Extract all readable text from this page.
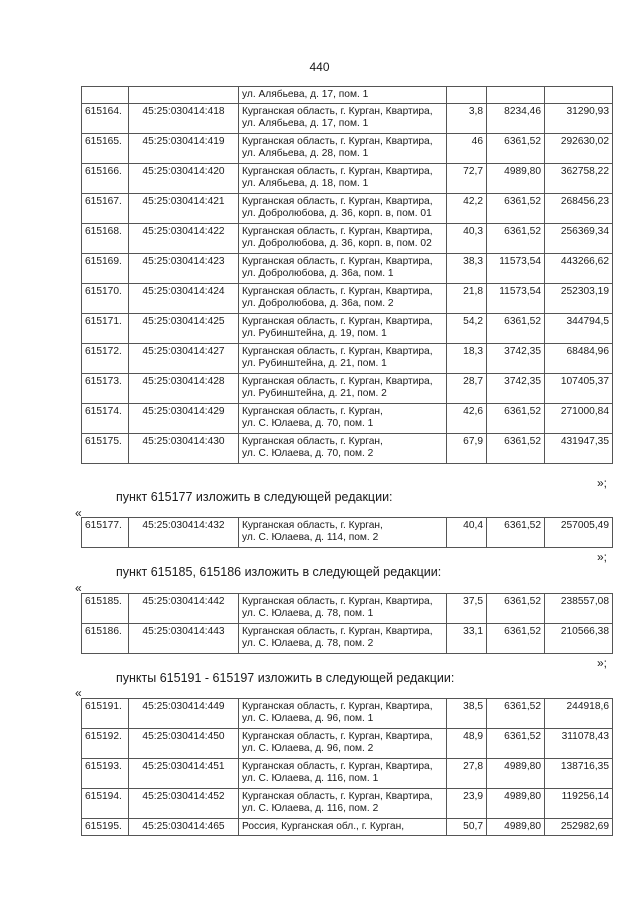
440

		ул. Алябьева, д. 17, пом. 1			

615164.	45:25:030414:418	Курганская область, г. Курган, Квартира,
ул. Алябьева, д. 17, пом. 1	3,8	8234,46	31290,93
615165.	45:25:030414:419	Курганская область, г. Курган, Квартира,
ул. Алябьева, д. 28, пом. 1	46	6361,52	292630,02
615166.	45:25:030414:420	Курганская область, г. Курган, Квартира,
ул. Алябьева, д. 18, пом. 1	72,7	4989,80	362758,22
615167.	45:25:030414:421	Курганская область, г. Курган, Квартира,
ул. Добролюбова, д. 36, корп. в, пом. 01	42,2	6361,52	268456,23
615168.	45:25:030414:422	Курганская область, г. Курган, Квартира,
ул. Добролюбова, д. 36, корп. в, пом. 02	40,3	6361,52	256369,34
615169.	45:25:030414:423	Курганская область, г. Курган, Квартира,
ул. Добролюбова, д. 36а, пом. 1	38,3	11573,54	443266,62
615170.	45:25:030414:424	Курганская область, г. Курган, Квартира,
ул. Добролюбова, д. 36а, пом. 2	21,8	11573,54	252303,19
615171.	45:25:030414:425	Курганская область, г. Курган, Квартира,
ул. Рубинштейна, д. 19, пом. 1	54,2	6361,52	344794,5
615172.	45:25:030414:427	Курганская область, г. Курган, Квартира,
ул. Рубинштейна, д. 21, пом. 1	18,3	3742,35	68484,96
615173.	45:25:030414:428	Курганская область, г. Курган, Квартира,
ул. Рубинштейна, д. 21, пом. 2	28,7	3742,35	107405,37
615174.	45:25:030414:429	Курганская область, г. Курган,
ул. С. Юлаева, д. 70, пом. 1	42,6	6361,52	271000,84
615175.	45:25:030414:430	Курганская область, г. Курган,
ул. С. Юлаева, д. 70, пом. 2	67,9	6361,52	431947,35
»;
пункт 615177 изложить в следующей редакции:
«
615177.	45:25:030414:432	Курганская область, г. Курган,
ул. С. Юлаева, д. 114, пом. 2
	40,4	6361,52	257005,49
»;
пункт 615185, 615186 изложить в следующей редакции:
«
615185.	45:25:030414:442	Курганская область, г. Курган, Квартира,
ул. С. Юлаева, д. 78, пом. 1	37,5	6361,52	238557,08
615186.	45:25:030414:443	Курганская область, г. Курган, Квартира,
ул. С. Юлаева, д. 78, пом. 2	33,1	6361,52	210566,38
»;
пункты 615191 - 615197 изложить в следующей редакции:
«
615191.	45:25:030414:449	Курганская область, г. Курган, Квартира,
ул. С. Юлаева, д. 96, пом. 1	38,5	6361,52	244918,6
615192.	45:25:030414:450	Курганская область, г. Курган, Квартира,
ул. С. Юлаева, д. 96, пом. 2	48,9	6361,52	311078,43
615193.	45:25:030414:451	Курганская область, г. Курган, Квартира,
ул. С. Юлаева, д. 116, пом. 1	27,8	4989,80	138716,35
615194.	45:25:030414:452	Курганская область, г. Курган, Квартира,
ул. С. Юлаева, д. 116, пом. 2	23,9	4989,80	119256,14
615195.	45:25:030414:465	Россия, Курганская обл., г. Курган,	50,7	4989,80	252982,69
